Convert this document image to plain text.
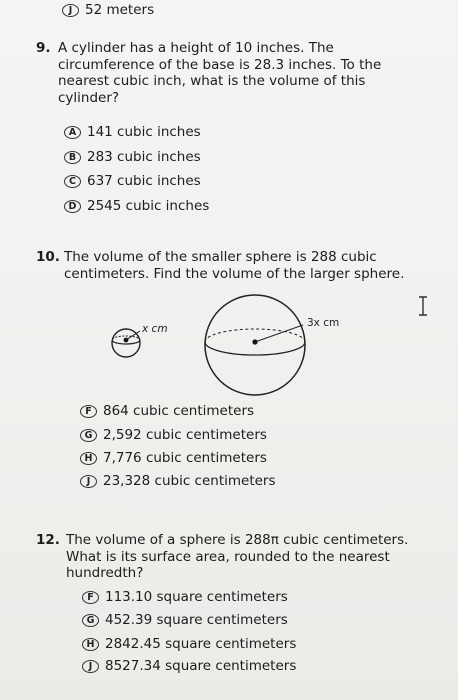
J 52 meters
9. A cylinder has a height of 10 inches. The
circumference of the base is 28.3 inches. To the
nearest cubic inch, what is the volume of this
cylinder?
A 141 cubic inches
B 283 cubic inches
C 637 cubic inches
D 2545 cubic inches
10. The volume of the smaller sphere is 288 cubic
centimeters. Find the volume of the larger sphere.
x cm	3x cm
F 864 cubic centimeters
G 2,592 cubic centimeters
H 7,776 cubic centimeters
J 23,328 cubic centimeters
12. The volume of a sphere is 288π cubic centimeters.
What is its surface area, rounded to the nearest
hundredth?
F 113.10 square centimeters
G 452.39 square centimeters
H 2842.45 square centimeters
J 8527.34 square centimeters
